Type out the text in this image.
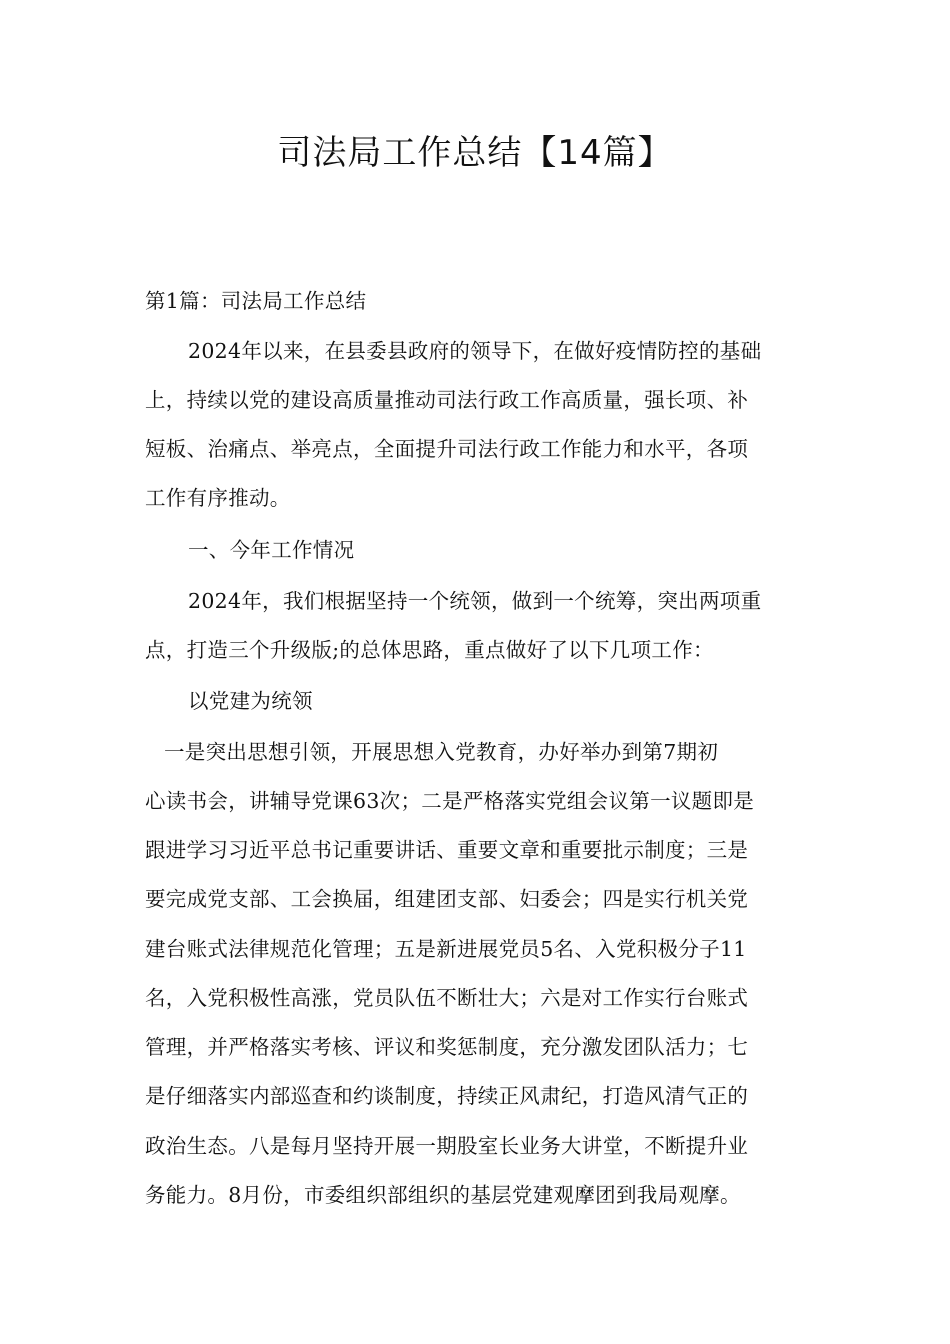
司法局工作总结【14篇】
第1篇：司法局工作总结
2024年以来，在县委县政府的领导下，在做好疫情防控的基础
上，持续以党的建设高质量推动司法行政工作高质量，强长项、补
短板、治痛点、举亮点，全面提升司法行政工作能力和水平，各项
工作有序推动。
一、今年工作情况
2024年，我们根据坚持一个统领，做到一个统筹，突出两项重
点，打造三个升级版;的总体思路，重点做好了以下几项工作：
以党建为统领
一是突出思想引领，开展思想入党教育，办好举办到第7期初
心读书会，讲辅导党课63次；二是严格落实党组会议第一议题即是
跟进学习习近平总书记重要讲话、重要文章和重要批示制度；三是
要完成党支部、工会换届，组建团支部、妇委会；四是实行机关党
建台账式法律规范化管理；五是新进展党员5名、入党积极分子11
名，入党积极性高涨，党员队伍不断壮大；六是对工作实行台账式
管理，并严格落实考核、评议和奖惩制度，充分激发团队活力；七
是仔细落实内部巡查和约谈制度，持续正风肃纪，打造风清气正的
政治生态。八是每月坚持开展一期股室长业务大讲堂，不断提升业
务能力。8月份，市委组织部组织的基层党建观摩团到我局观摩。
